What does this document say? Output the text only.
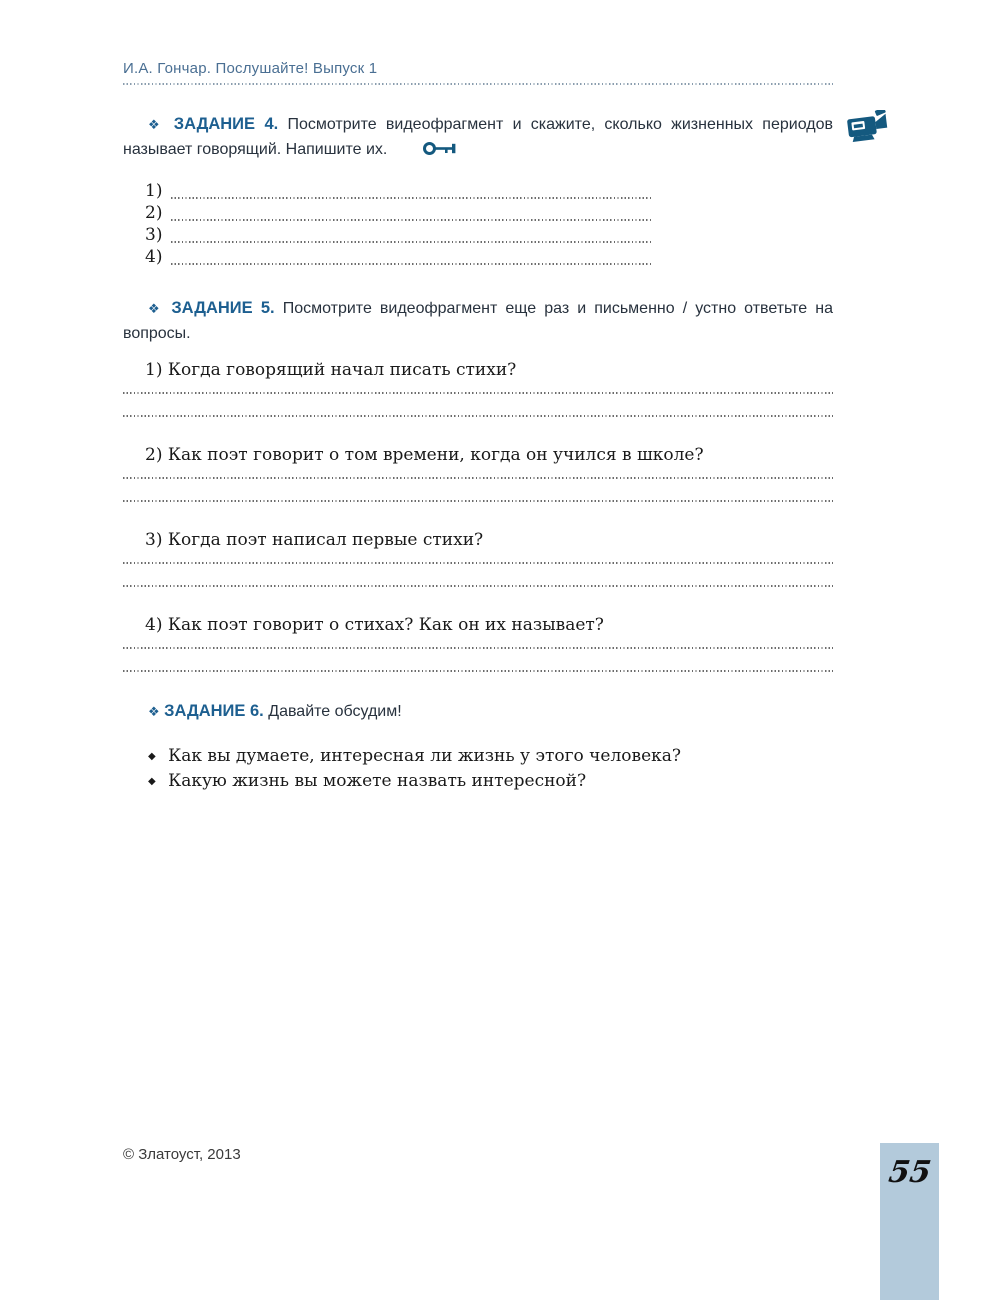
И.А. Гончар. Послушайте! Выпуск 1

❖ ЗАДАНИЕ 4. Посмотрите видеофрагмент и скажите, сколько жизненных периодов называет говорящий. Напишите их.

1)
2)
3)
4)

❖ ЗАДАНИЕ 5. Посмотрите видеофрагмент еще раз и письменно / устно ответьте на вопросы.

1) Когда говорящий начал писать стихи?
2) Как поэт говорит о том времени, когда он учился в школе?
3) Когда поэт написал первые стихи?
4) Как поэт говорит о стихах? Как он их называет?

❖ ЗАДАНИЕ 6. Давайте обсудим!

◆ Как вы думаете, интересная ли жизнь у этого человека?
◆ Какую жизнь вы можете назвать интересной?
© Златоуст, 2013
55
